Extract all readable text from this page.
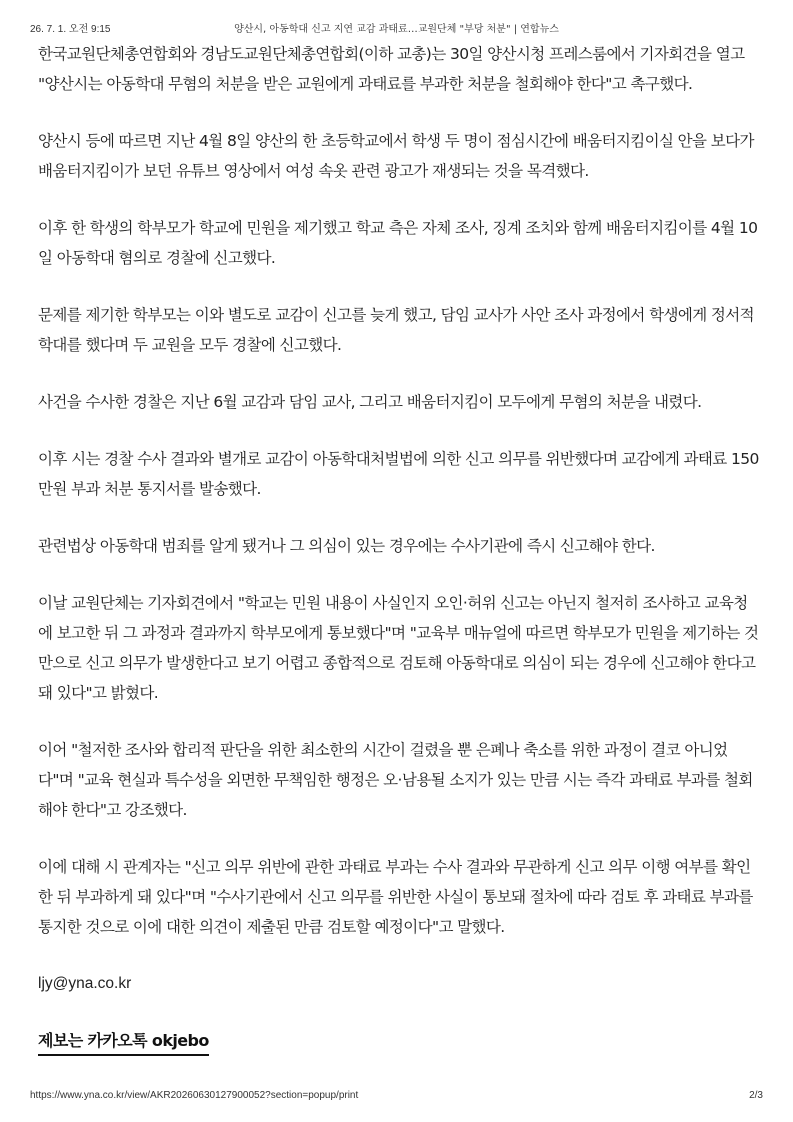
26. 7. 1. 오전 9:15	양산시, 아동학대 신고 지연 교감 과태료…교원단체 "부당 처분" | 연합뉴스

한국교원단체총연합회와 경남도교원단체총연합회(이하 교총)는 30일 양산시청 프레스룸에서 기자회견을 열고 "양산시는 아동학대 무혐의 처분을 받은 교원에게 과태료를 부과한 처분을 철회해야 한다"고 촉구했다.

양산시 등에 따르면 지난 4월 8일 양산의 한 초등학교에서 학생 두 명이 점심시간에 배움터지킴이실 안을 보다가 배움터지킴이가 보던 유튜브 영상에서 여성 속옷 관련 광고가 재생되는 것을 목격했다.

이후 한 학생의 학부모가 학교에 민원을 제기했고 학교 측은 자체 조사, 징계 조치와 함께 배움터지킴이를 4월 10일 아동학대 혐의로 경찰에 신고했다.

문제를 제기한 학부모는 이와 별도로 교감이 신고를 늦게 했고, 담임 교사가 사안 조사 과정에서 학생에게 정서적 학대를 했다며 두 교원을 모두 경찰에 신고했다.

사건을 수사한 경찰은 지난 6월 교감과 담임 교사, 그리고 배움터지킴이 모두에게 무혐의 처분을 내렸다.

이후 시는 경찰 수사 결과와 별개로 교감이 아동학대처벌법에 의한 신고 의무를 위반했다며 교감에게 과태료 150만원 부과 처분 통지서를 발송했다.

관련법상 아동학대 범죄를 알게 됐거나 그 의심이 있는 경우에는 수사기관에 즉시 신고해야 한다.

이날 교원단체는 기자회견에서 "학교는 민원 내용이 사실인지 오인·허위 신고는 아닌지 철저히 조사하고 교육청에 보고한 뒤 그 과정과 결과까지 학부모에게 통보했다"며 "교육부 매뉴얼에 따르면 학부모가 민원을 제기하는 것만으로 신고 의무가 발생한다고 보기 어렵고 종합적으로 검토해 아동학대로 의심이 되는 경우에 신고해야 한다고 돼 있다"고 밝혔다.

이어 "철저한 조사와 합리적 판단을 위한 최소한의 시간이 걸렸을 뿐 은폐나 축소를 위한 과정이 결코 아니었다"며 "교육 현실과 특수성을 외면한 무책임한 행정은 오·남용될 소지가 있는 만큼 시는 즉각 과태료 부과를 철회해야 한다"고 강조했다.

이에 대해 시 관계자는 "신고 의무 위반에 관한 과태료 부과는 수사 결과와 무관하게 신고 의무 이행 여부를 확인한 뒤 부과하게 돼 있다"며 "수사기관에서 신고 의무를 위반한 사실이 통보돼 절차에 따라 검토 후 과태료 부과를 통지한 것으로 이에 대한 의견이 제출된 만큼 검토할 예정이다"고 말했다.

ljy@yna.co.kr

제보는 카카오톡 okjebo
https://www.yna.co.kr/view/AKR20260630127900052?section=popup/print	2/3
